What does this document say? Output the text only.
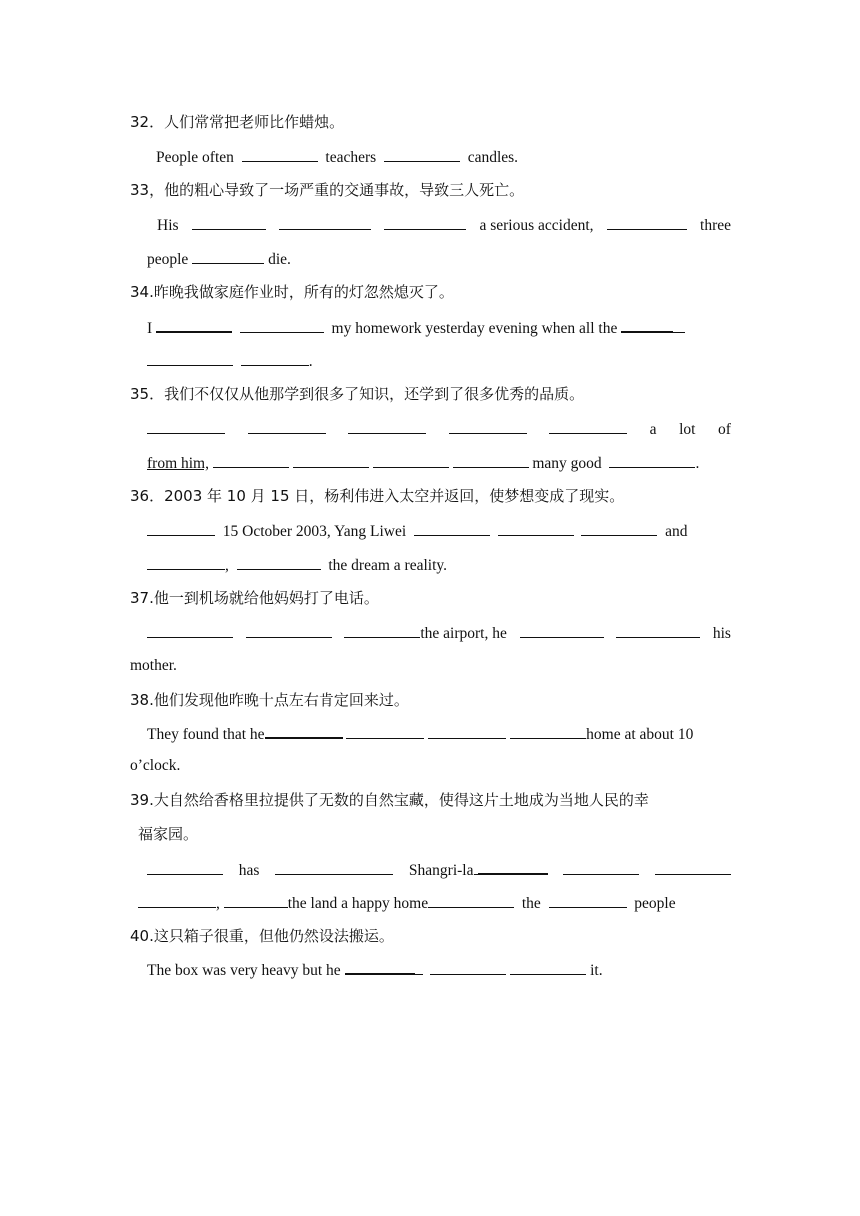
32．人们常常把老师比作蜡烛。
People often	teachers	candles.
33，他的粗心导致了一场严重的交通事故，导致三人死亡。
His	a serious accident,	three
people	die.
34.昨晚我做家庭作业时，所有的灯忽然熄灭了。
I	my homework yesterday evening when all the
.
35．我们不仅仅从他那学到很多了知识，还学到了很多优秀的品质。
a lot of
from him,	many good	.
36．2003 年 10 月 15 日，杨利伟进入太空并返回，使梦想变成了现实。
15 October 2003, Yang Liwei	and
,	the dream a reality.
37.他一到机场就给他妈妈打了电话。
the airport, he	his
mother.
38.他们发现他昨晚十点左右肯定回来过。
They found that he	home at about 10
o’clock.
39.大自然给香格里拉提供了无数的自然宝藏，使得这片土地成为当地人民的幸
福家园。
has	Shangri-la
,	the land a happy home	the	people
40.这只箱子很重，但他仍然设法搬运。
The box was very heavy but he	it.
